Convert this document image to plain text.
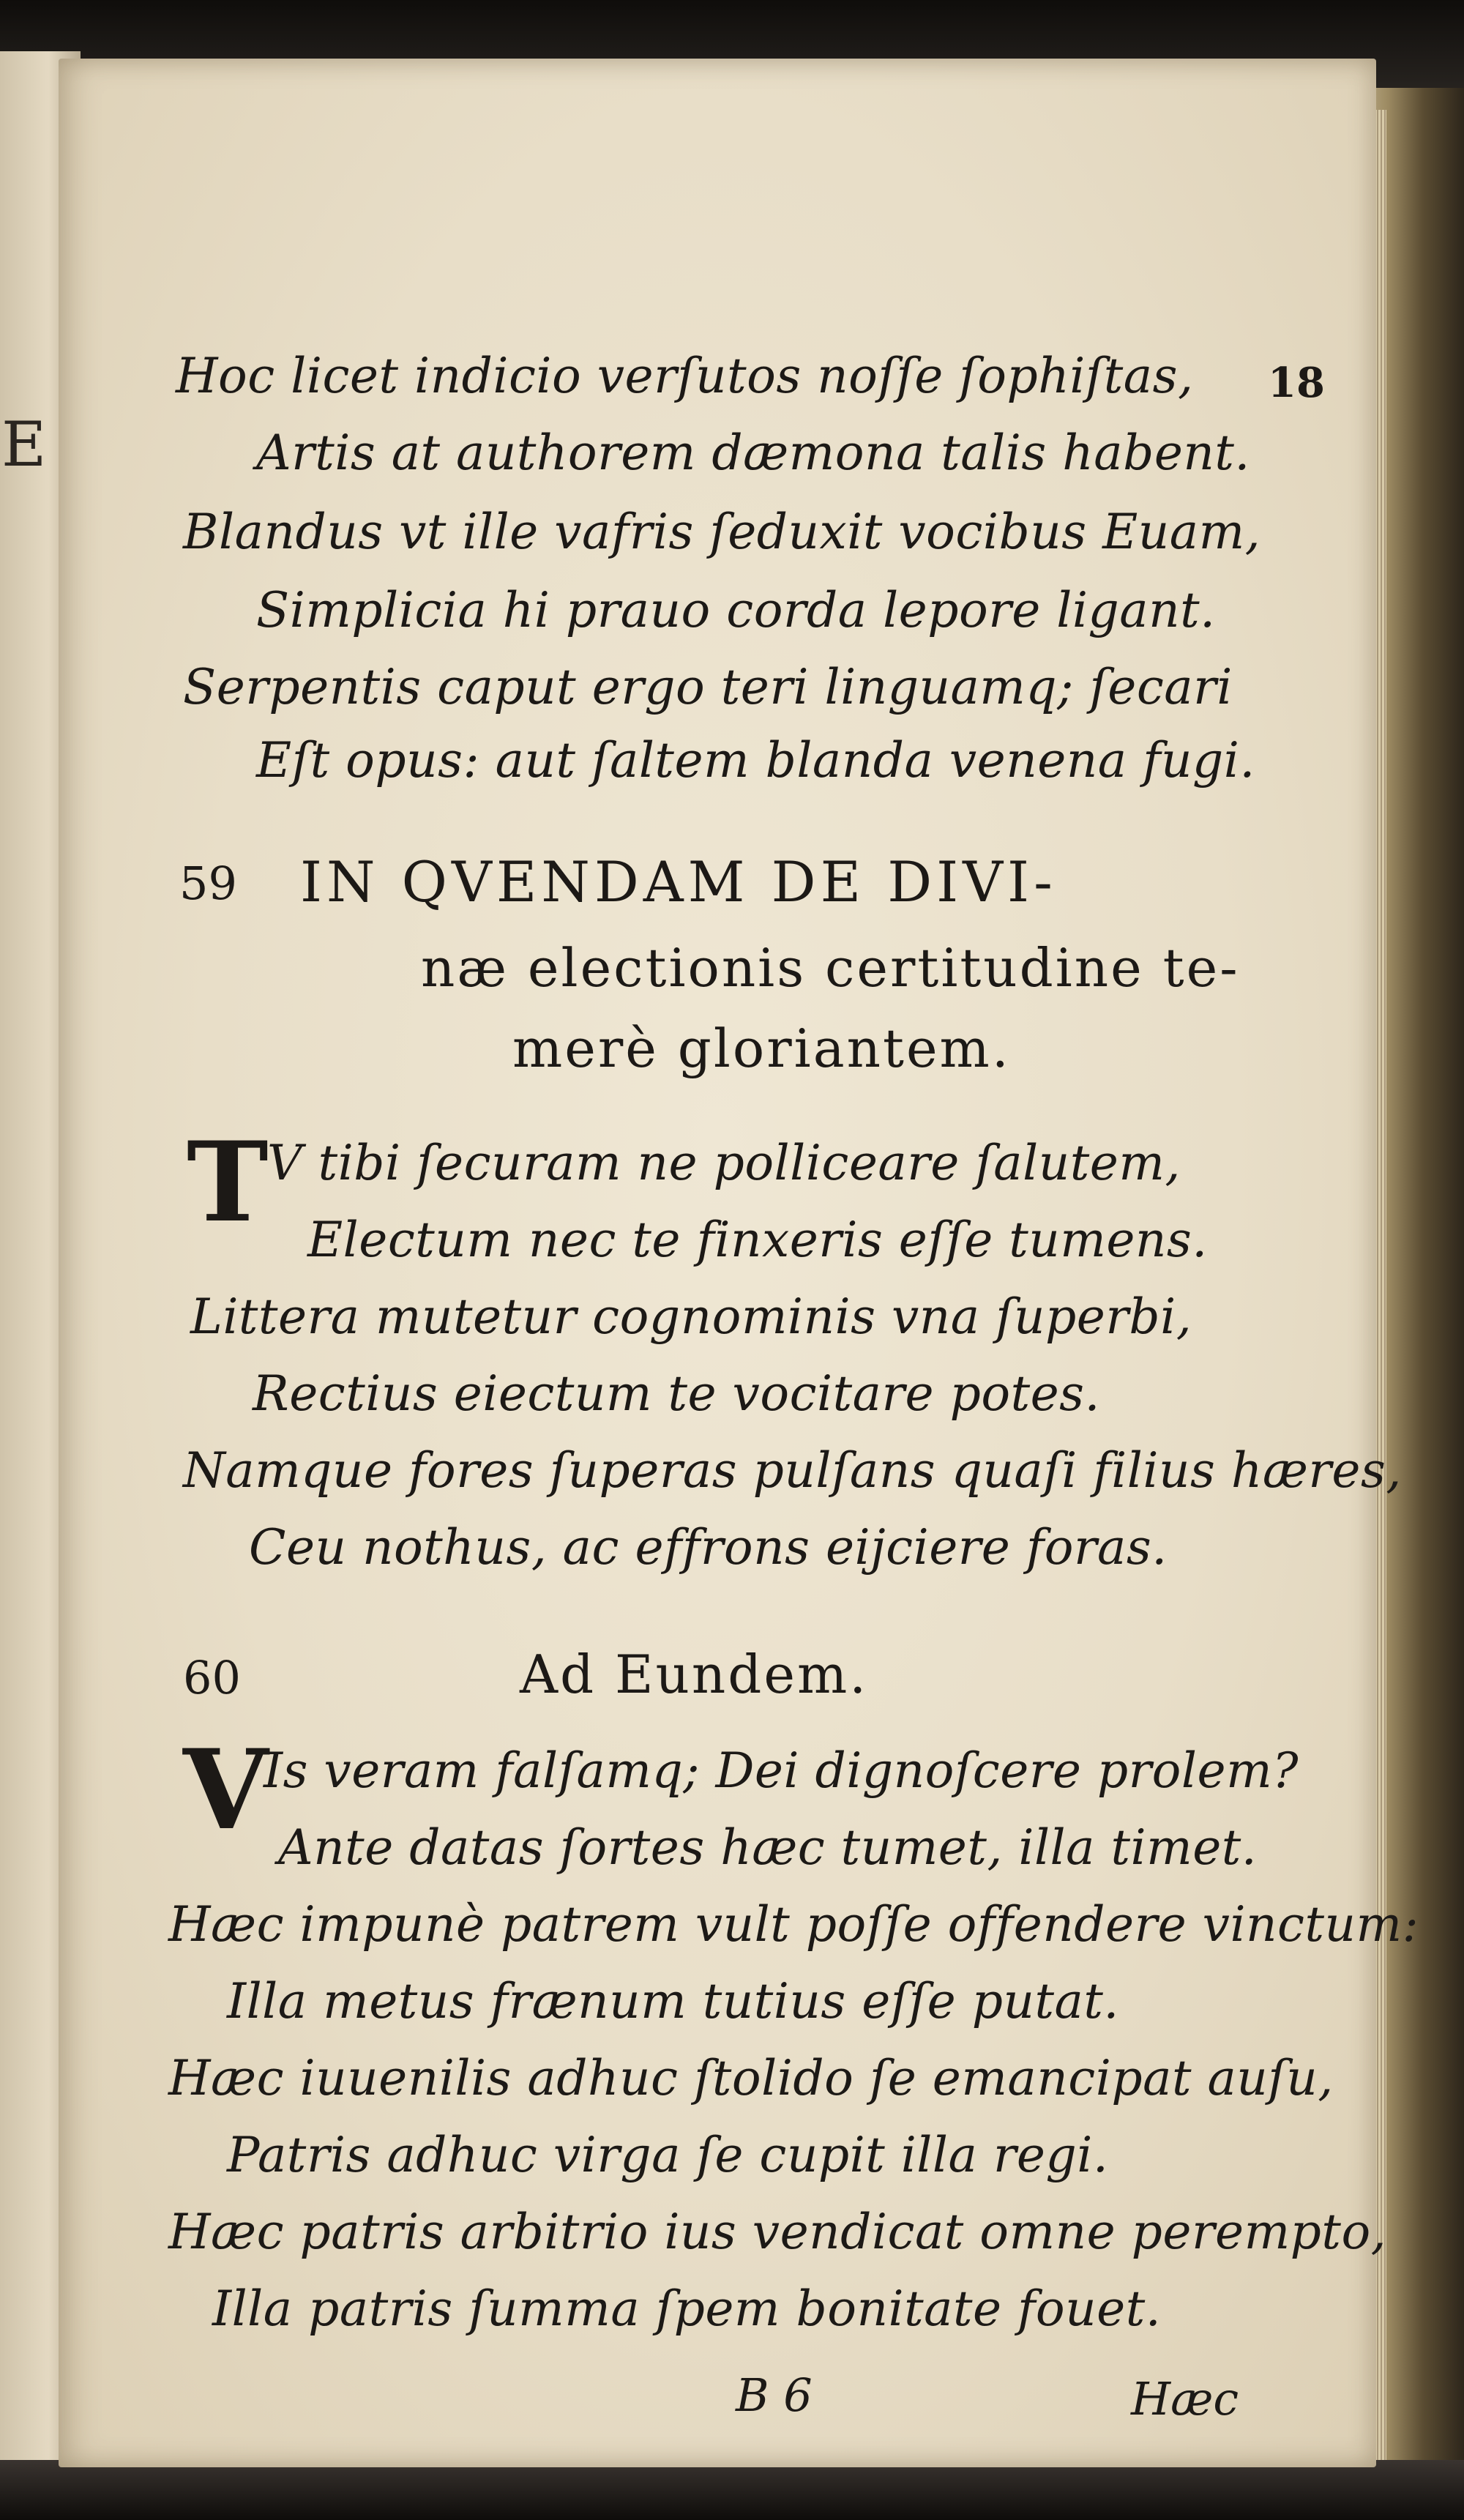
E
18
Hoc licet indicio verſutos noſſe ſophiſtas,
Artis at authorem dæmona talis habent.
Blandus vt ille vafris ſeduxit vocibus Euam,
Simplicia hi prauo corda lepore ligant.
Serpentis caput ergo teri linguamq; ſecari
Eſt opus: aut ſaltem blanda venena fugi.
59 IN QVENDAM DE DIVI-
næ electionis certitudine te-
merè gloriantem.
T
V tibi ſecuram ne polliceare ſalutem,
Electum nec te finxeris eſſe tumens.
Littera mutetur cognominis vna ſuperbi,
Rectius eiectum te vocitare potes.
Namque fores ſuperas pulſans quaſi filius hæres,
Ceu nothus, ac effrons eijciere foras.
60	Ad Eundem.
V
Is veram falſamq; Dei dignoſcere prolem?
Ante datas ſortes hæc tumet, illa timet.
Hæc impunè patrem vult poſſe offendere vinctum:
Illa metus frænum tutius eſſe putat.
Hæc iuuenilis adhuc ſtolido ſe emancipat auſu,
Patris adhuc virga ſe cupit illa regi.
Hæc patris arbitrio ius vendicat omne perempto,
Illa patris ſumma ſpem bonitate fouet.
B 6	Hæc
